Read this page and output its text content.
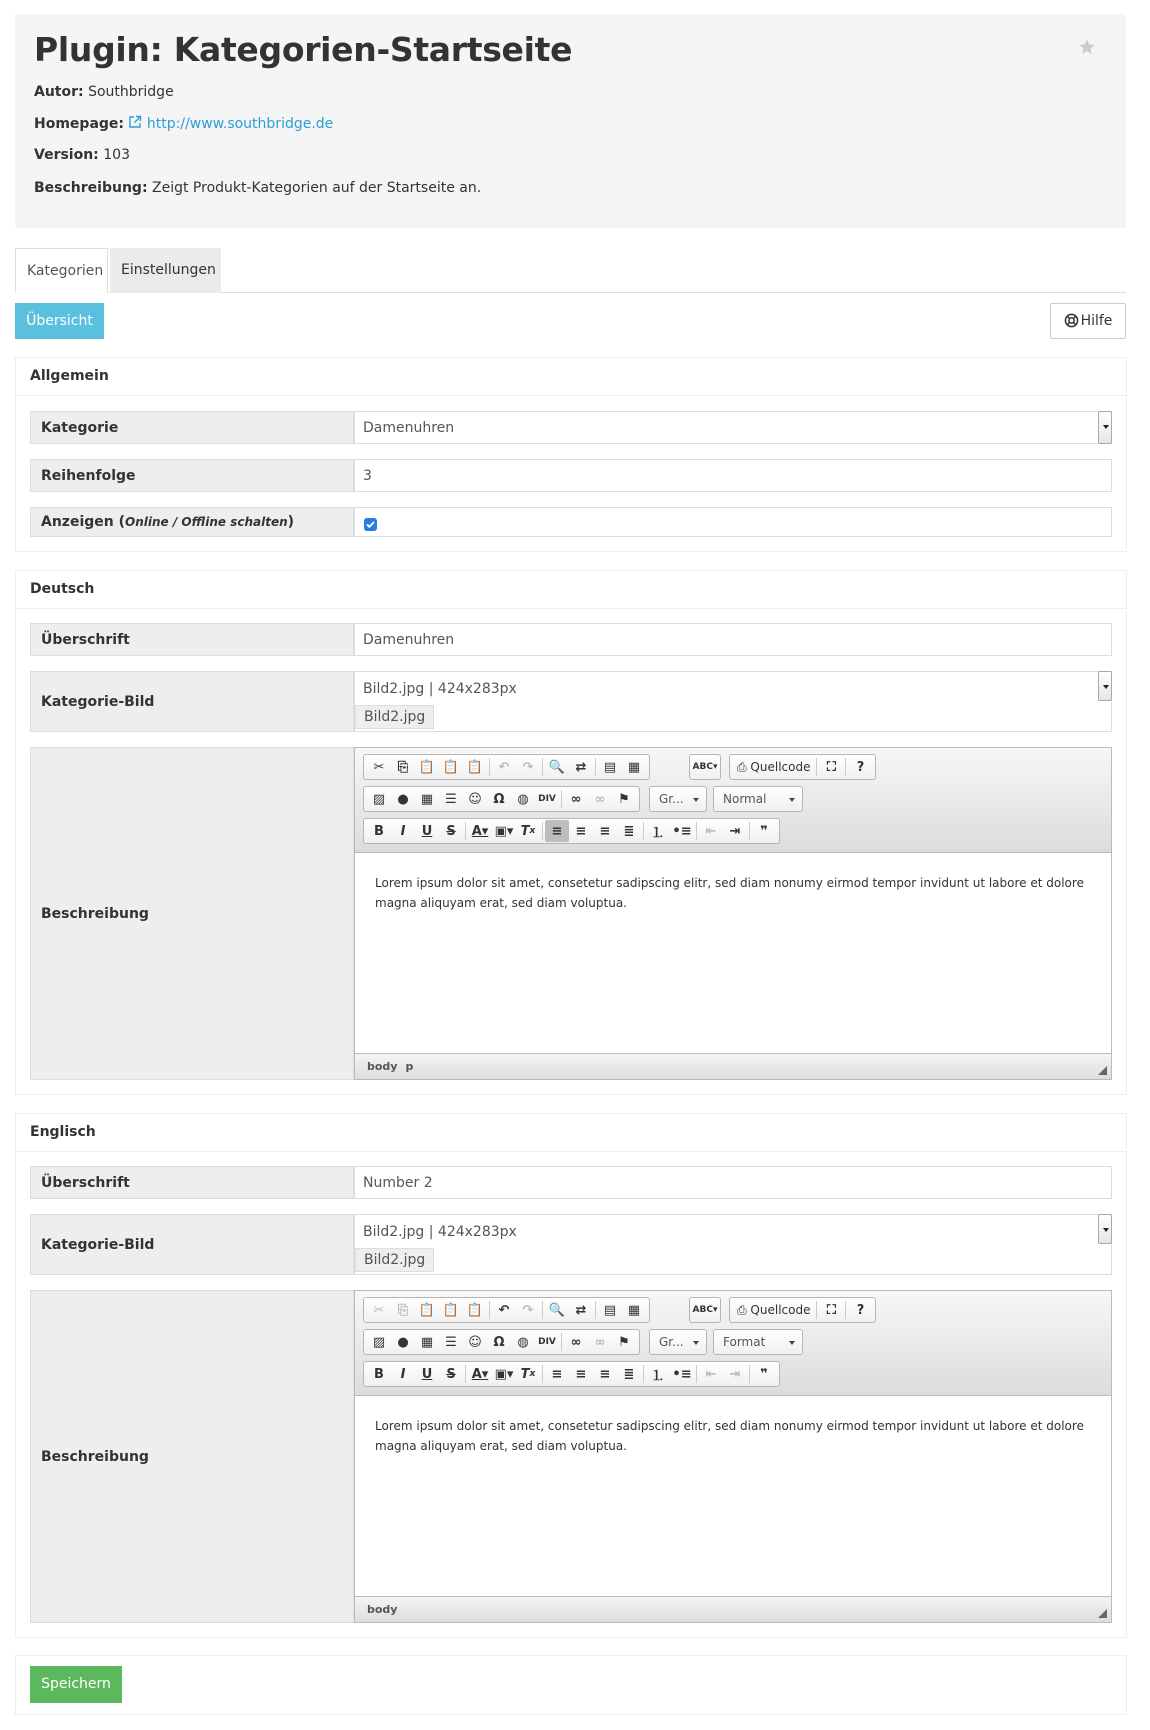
Plugin: Kategorien-Startseite
Autor: Southbridge
Homepage: http://www.southbridge.de
Version: 103
Beschreibung: Zeigt Produkt-Kategorien auf der Startseite an.
Kategorien	Einstellungen
Übersicht	Hilfe
Allgemein
Kategorie	Damenuhren
Reihenfolge	3
Anzeigen ( Online / Offline schalten )
Deutsch
Überschrift	Damenuhren
Kategorie-Bild
Bild2.jpg | 424x283px
Bild2.jpg
Beschreibung
✂	⎘ 📋 📋 📋	↶	↷	🔍 ⇄	▤ ▦	ABC▾ ⎙ Quellcode	⛶	?
▨ ● ▦ ☰ ☺ Ω ◍	DIV	∞	∞ ⚑	Gr...	Normal
B	I	U	S	A▾ ▣▾ T x	≡	≡	≡	≣	⒈ •≡	⇤	⇥	❞
Lorem ipsum dolor sit amet, consetetur sadipscing elitr, sed diam nonumy eirmod tempor invidunt ut labore et dolore magna aliquyam erat, sed diam voluptua.
body p
Englisch
Überschrift	Number 2
Kategorie-Bild
Bild2.jpg | 424x283px
Bild2.jpg
Beschreibung
✂	⎘ 📋 📋 📋	↶	↷	🔍 ⇄	▤ ▦	ABC▾ ⎙ Quellcode	⛶	?
▨ ● ▦ ☰ ☺ Ω ◍	DIV	∞	∞ ⚑	Gr...	Format
B	I	U	S	A▾ ▣▾ T x	≡	≡	≡	≣	⒈ •≡	⇤	⇥	❞
Lorem ipsum dolor sit amet, consetetur sadipscing elitr, sed diam nonumy eirmod tempor invidunt ut labore et dolore magna aliquyam erat, sed diam voluptua.
body
Speichern
